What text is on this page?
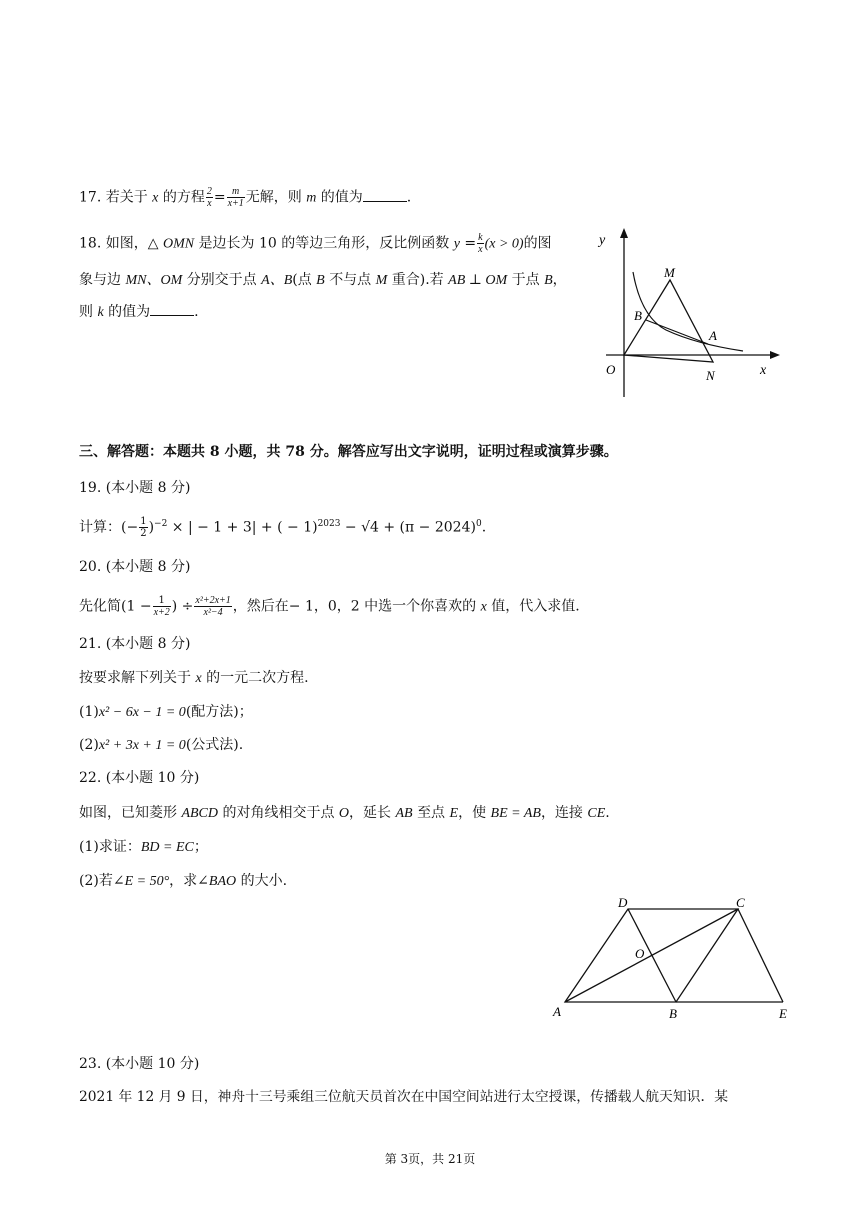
17. 若关于 x 的方程 $\frac{2}{x} = \frac{m}{x+1}$ 无解，则 m 的值为	.
18. 如图，△ OMN 是边长为 10 的等边三角形，反比例函数 $y = \frac{k}{x} (x > 0)$的图
象与边 MN、OM 分别交于点 A、B(点 B 不与点 M 重合).若 AB ⊥ OM 于点 B，
则 k 的值为	.
y
x
O
M
B
A
N
三、解答题：本题共 8 小题，共 78 分。解答应写出文字说明，证明过程或演算步骤。
19. (本小题 8 分)
计算：(− $\frac{1}{2} )^{-2}$ × | − 1 + 3| + ( − $1)^{2023} - √4 + (\pi - 2024)^0$.
20. (本小题 8 分)
先化简($1 - \frac{1}{x+2}$ ) ÷ $\frac{\text{x²+2x+1}}{\text{x²−4}}$ ，然后在− 1，0，2 中选一个你喜欢的 x 值，代入求值.
21. (本小题 8 分)
按要求解下列关于 x 的一元二次方程.
(1)x² − 6x − 1 = 0(配方法)；
(2)x² + 3x + 1 = 0(公式法).
22. (本小题 10 分)
如图，已知菱形 ABCD 的对角线相交于点 O，延长 AB 至点 E，使 BE = AB，连接 CE.
(1)求证：BD = EC；
(2)若∠E = 50°，求∠BAO 的大小.
D	C
O
A	B	E
23. (本小题 10 分)
2021 年 12 月 9 日，神舟十三号乘组三位航天员首次在中国空间站进行太空授课，传播载人航天知识．某
第 3页，共 21页
